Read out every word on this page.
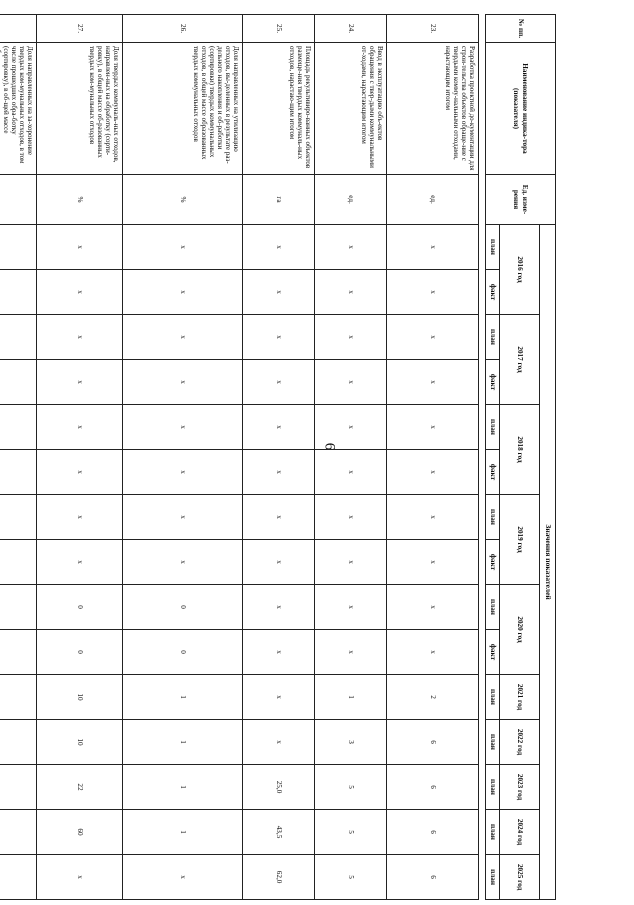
6
№ пп.	Наименование индика-тора (показателя)	Ед. изме-рения	Значения показателей														
			2016 год		2017 год		2018 год		2019 год		2020 год		2021 год	2022 год	2023 год	2024 год	2025 год
			план	факт	план	факт	план	факт	план	факт	план	факт	план	план	план	план	план

23.	Разработка проектной до-кументации для строи-тельства объектов обраще-ние с твердыми комму-нальными отходами, нарастающим итогом	ед.	x	x	x	x	x	x	x	x	x	x	2	6	6	6	6
24.	Ввод в эксплуатацию объ-ектов обращения с твер-дыми коммунальными от-ходами, нарастающим итогом	ед.	x	x	x	x	x	x	x	x	x	x	1	3	5	5	5
25.	Площадь рекультивиро-ванных объектов размеще-ния твердых коммуналь-ных отходов, нарастаю-щим итогом	га	x	x	x	x	x	x	x	x	x	x	x	x	25,0	43,5	62,0
26.	Доля направленных на утилизацию отходов, вы-деленных в результате раз-дельного накопления и об-работки (сортировки) твердых коммунальных отходов, в общей массе образованных твердых коммунальных отходов	%	x	x	x	x	x	x	x	x	0	0	1	1	1	1	x
27.	Доля твердых коммуналь-ных отходов, направлен-ных на обработку (сорти-ровку), в общей массе об-разованных твердых ком-мунальных отходов	%	x	x	x	x	x	x	x	x	0	0	10	10	22	60	x
	Доля направленных на за-хоронение твердых ком-мунальных отходов, в том числе прошедших обра-ботку (сортировку), в об-щей массе																
